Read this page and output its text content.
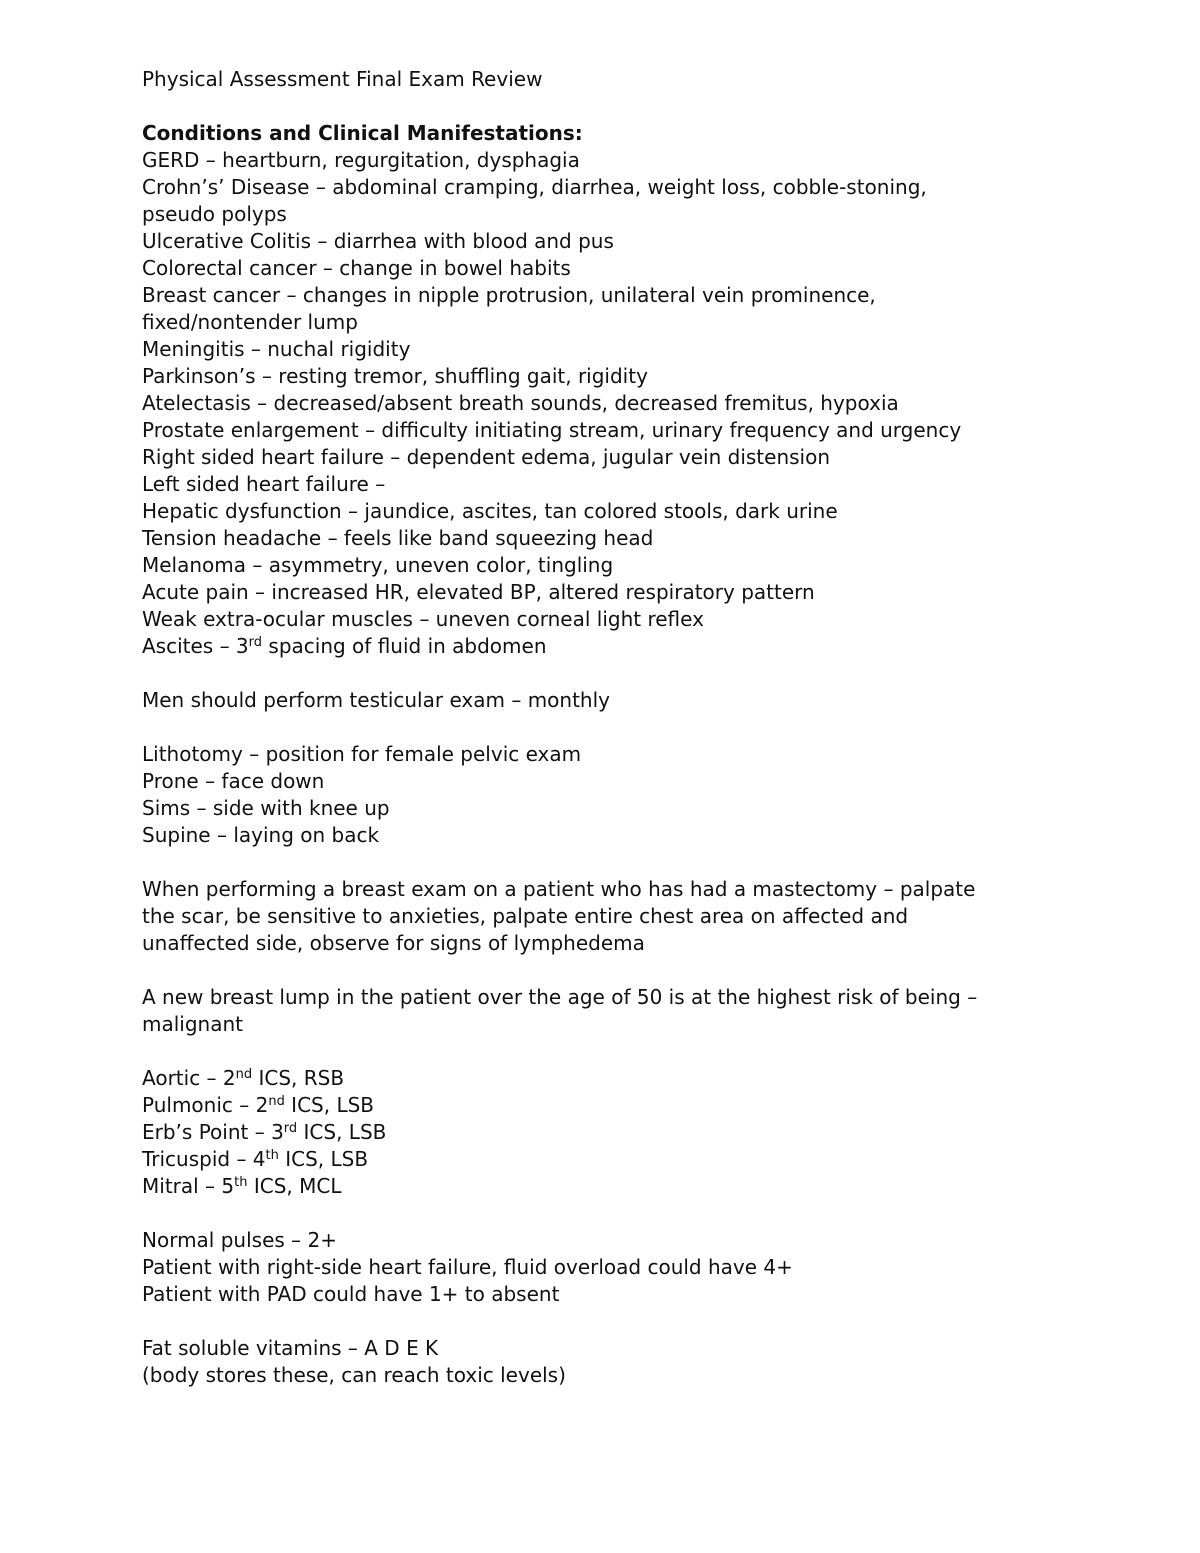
Physical Assessment Final Exam Review

Conditions and Clinical Manifestations:

GERD – heartburn, regurgitation, dysphagia

Crohn’s’ Disease – abdominal cramping, diarrhea, weight loss, cobble-stoning,

pseudo polyps

Ulcerative Colitis – diarrhea with blood and pus

Colorectal cancer – change in bowel habits

Breast cancer – changes in nipple protrusion, unilateral vein prominence,

fixed/nontender lump

Meningitis – nuchal rigidity

Parkinson’s – resting tremor, shuffling gait, rigidity

Atelectasis – decreased/absent breath sounds, decreased fremitus, hypoxia

Prostate enlargement – difficulty initiating stream, urinary frequency and urgency

Right sided heart failure – dependent edema, jugular vein distension

Left sided heart failure –

Hepatic dysfunction – jaundice, ascites, tan colored stools, dark urine

Tension headache – feels like band squeezing head

Melanoma – asymmetry, uneven color, tingling

Acute pain – increased HR, elevated BP, altered respiratory pattern

Weak extra-ocular muscles – uneven corneal light reflex

Ascites – 3rd spacing of fluid in abdomen

Men should perform testicular exam – monthly

Lithotomy – position for female pelvic exam

Prone – face down

Sims – side with knee up

Supine – laying on back

When performing a breast exam on a patient who has had a mastectomy – palpate

the scar, be sensitive to anxieties, palpate entire chest area on affected and

unaffected side, observe for signs of lymphedema

A new breast lump in the patient over the age of 50 is at the highest risk of being –

malignant

Aortic – 2nd ICS, RSB

Pulmonic – 2nd ICS, LSB

Erb’s Point – 3rd ICS, LSB

Tricuspid – 4th ICS, LSB

Mitral – 5th ICS, MCL

Normal pulses – 2+

Patient with right-side heart failure, fluid overload could have 4+

Patient with PAD could have 1+ to absent

Fat soluble vitamins – A D E K

(body stores these, can reach toxic levels)
